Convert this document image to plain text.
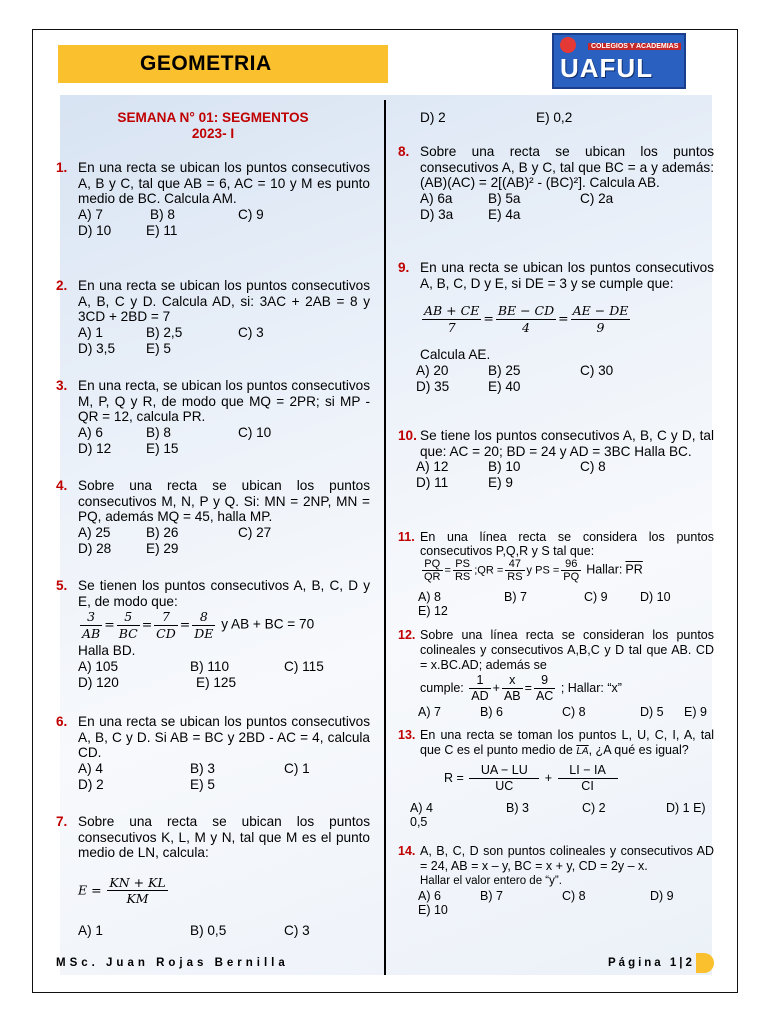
GEOMETRIA
COLEGIOS Y ACADEMIAS
UAFUL
SEMANA N° 01: SEGMENTOS
2023- I
1. En una recta se ubican los puntos consecutivos A, B y C, tal que AB = 6, AC = 10 y M es punto medio de BC. Calcula AM.
A) 7	B) 8	C) 9
D) 10	E) 11
2. En una recta se ubican los puntos consecutivos A, B, C y D. Calcula AD, si: 3AC + 2AB = 8 y 3CD + 2BD = 7
A) 1	B) 2,5	C) 3
D) 3,5 E) 5
3. En una recta, se ubican los puntos consecutivos M, P, Q y R, de modo que MQ = 2PR; si MP - QR = 12, calcula PR.
A) 6	B) 8	C) 10
D) 12	E) 15
4. Sobre una recta se ubican los puntos consecutivos M, N, P y Q. Si: MN = 2NP, MN = PQ, además MQ = 45, halla MP.
A) 25	B) 26	C) 27
D) 28	E) 29
5. Se tienen los puntos consecutivos A, B, C, D y E, de modo que:
$\frac{3}{AB} = \frac{5}{BC} = \frac{7}{CD} = \frac{8}{DE}$ y AB + BC = 70
Halla BD.
A) 105	B) 110	C) 115
D) 120	E) 125
6. En una recta se ubican los puntos consecutivos A, B, C y D. Si AB = BC y 2BD - AC = 4, calcula CD.
A) 4	B) 3	C) 1
D) 2	E) 5
7. Sobre una recta se ubican los puntos consecutivos K, L, M y N, tal que M es el punto medio de LN, calcula:
$E = \frac{KN + KL}{KM}$
A) 1	B) 0,5	C) 3
D) 2	E) 0,2
8. Sobre una recta se ubican los puntos consecutivos A, B y C, tal que BC = a y además: (AB)(AC) = 2[(AB)² - (BC)²]. Calcula AB.
A) 6a	B) 5a	C) 2a
D) 3a	E) 4a
9. En una recta se ubican los puntos consecutivos A, B, C, D y E, si DE = 3 y se cumple que:
$\frac{AB + CE}{7} = \frac{BE - CD}{4} = \frac{AE - DE}{9}$
Calcula AE.
A) 20	B) 25	C) 30
D) 35	E) 40
10. Se tiene los puntos consecutivos A, B, C y D, tal que: AC = 20; BD = 24 y AD = 3BC Halla BC.
A) 12	B) 10	C) 8
D) 11	E) 9
11. En una línea recta se considera los puntos consecutivos P,Q,R y S tal que:
$\frac{PQ}{QR} = \frac{PS}{RS}$ ;QR = $\frac{47}{RS}$ y PS = $\frac{96}{PQ}$ Hallar: $\overline{PR}$
A) 8	B) 7	C) 9	D) 10
E) 12
12. Sobre una línea recta se consideran los puntos colineales y consecutivos A,B,C y D tal que AB. CD = x.BC.AD; además se
cumple: $\frac{1}{AD} + \frac{x}{AB} = \frac{9}{AC}$ ; Hallar: “x”
A) 7	B) 6	C) 8	D) 5 E) 9
13. En una recta se toman los puntos L, U, C, I, A, tal que C es el punto medio de $\overline{LA}$, ¿A qué es igual?
$R = \frac{UA - LU}{UC} + \frac{LI - IA}{CI}$
A) 4	B) 3	C) 2	D) 1 E)
0,5
14. A, B, C, D son puntos colineales y consecutivos AD = 24, AB = x – y, BC = x + y, CD = 2y – x.
Hallar el valor entero de “y”.
A) 6	B) 7	C) 8	D) 9
E) 10
MSc. Juan Rojas Bernilla	Página 1|2
